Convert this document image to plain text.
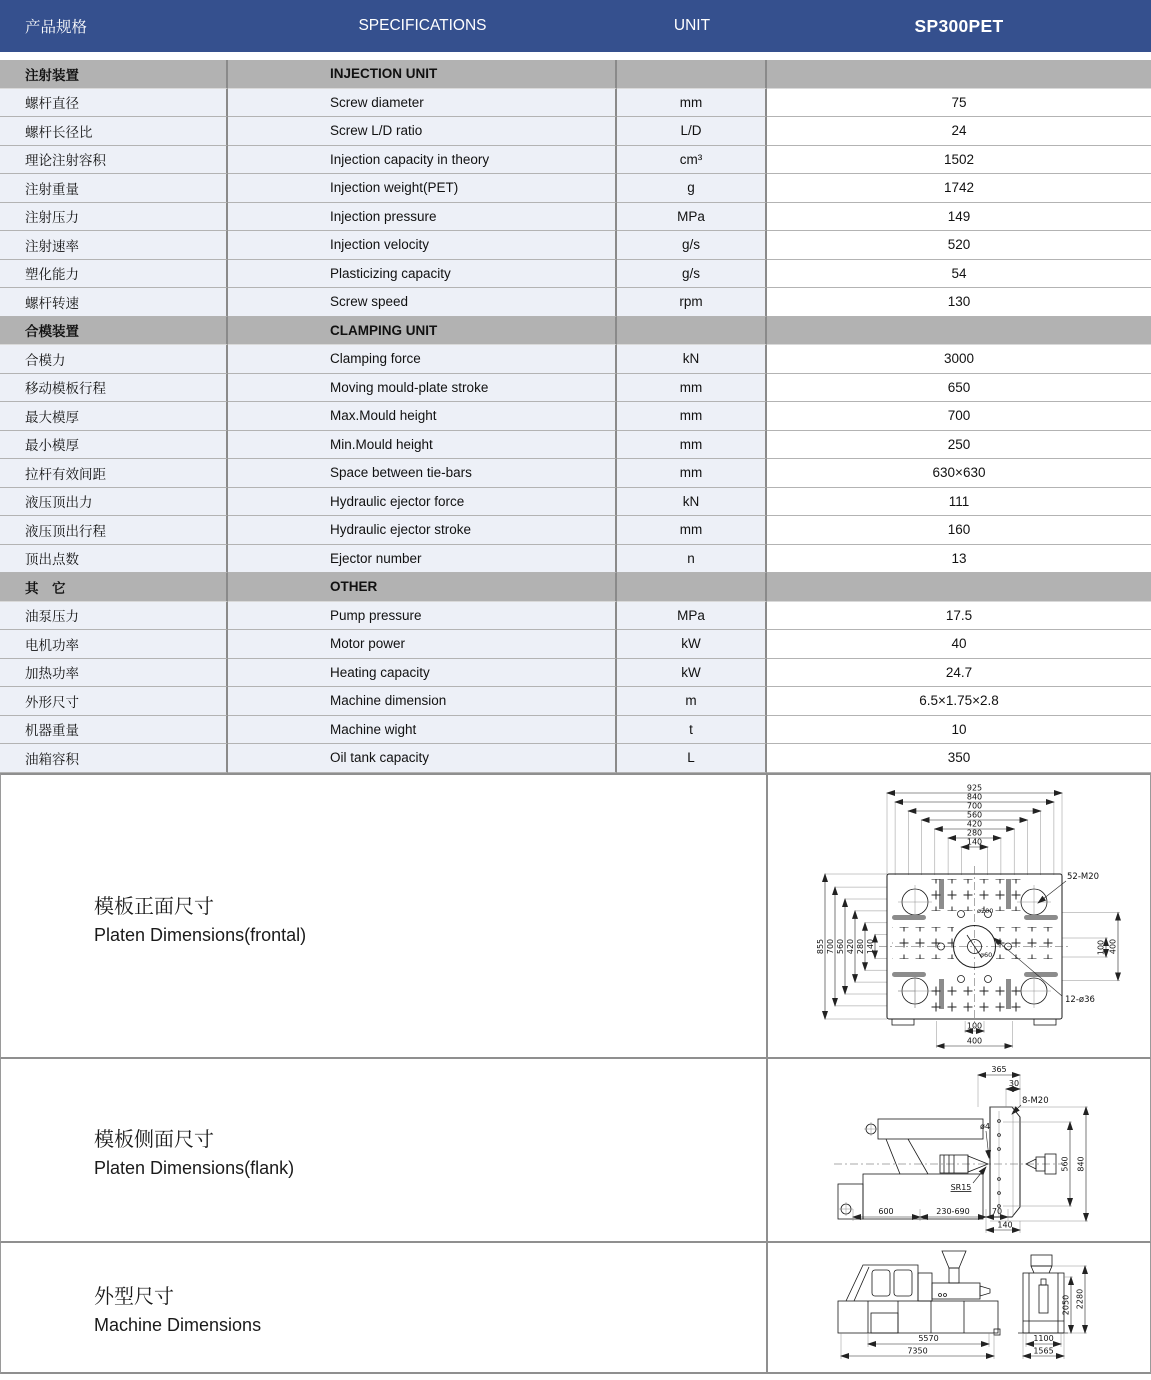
产品规格	SPECIFICATIONS	UNIT	SP300PET
注射装置	INJECTION UNIT
螺杆直径	Screw diameter	mm	75
螺杆长径比	Screw L/D ratio	L/D	24
理论注射容积	Injection capacity in theory	cm³	1502
注射重量	Injection weight(PET)	g	1742
注射压力	Injection pressure	MPa	149
注射速率	Injection velocity	g/s	520
塑化能力	Plasticizing capacity	g/s	54
螺杆转速	Screw speed	rpm	130
合模装置	CLAMPING UNIT
合模力	Clamping force	kN	3000
移动模板行程	Moving mould-plate stroke	mm	650
最大模厚	Max.Mould height	mm	700
最小模厚	Min.Mould height	mm	250
拉杆有效间距	Space between tie-bars	mm	630×630
液压顶出力	Hydraulic ejector force	kN	111
液压顶出行程	Hydraulic ejector stroke	mm	160
顶出点数	Ejector number	n	13
其　它	OTHER
油泵压力	Pump pressure	MPa	17.5
电机功率	Motor power	kW	40
加热功率	Heating capacity	kW	24.7
外形尺寸	Machine dimension	m	6.5×1.75×2.8
机器重量	Machine wight	t	10
油箱容积	Oil tank capacity	L	350
模板正面尺寸
Platen Dimensions(frontal)
925
840
700
560
420
280
140
855 700 560 420 280 140	100 400
100
400
52-M20
12-ø36
ø200
ø60
模板侧面尺寸
Platen Dimensions(flank)
365
30
8-M20
ø4
SR15
560 840
600	230-690	70
140
外型尺寸
Machine Dimensions
5570
7350
1100
1565
2050 2280
